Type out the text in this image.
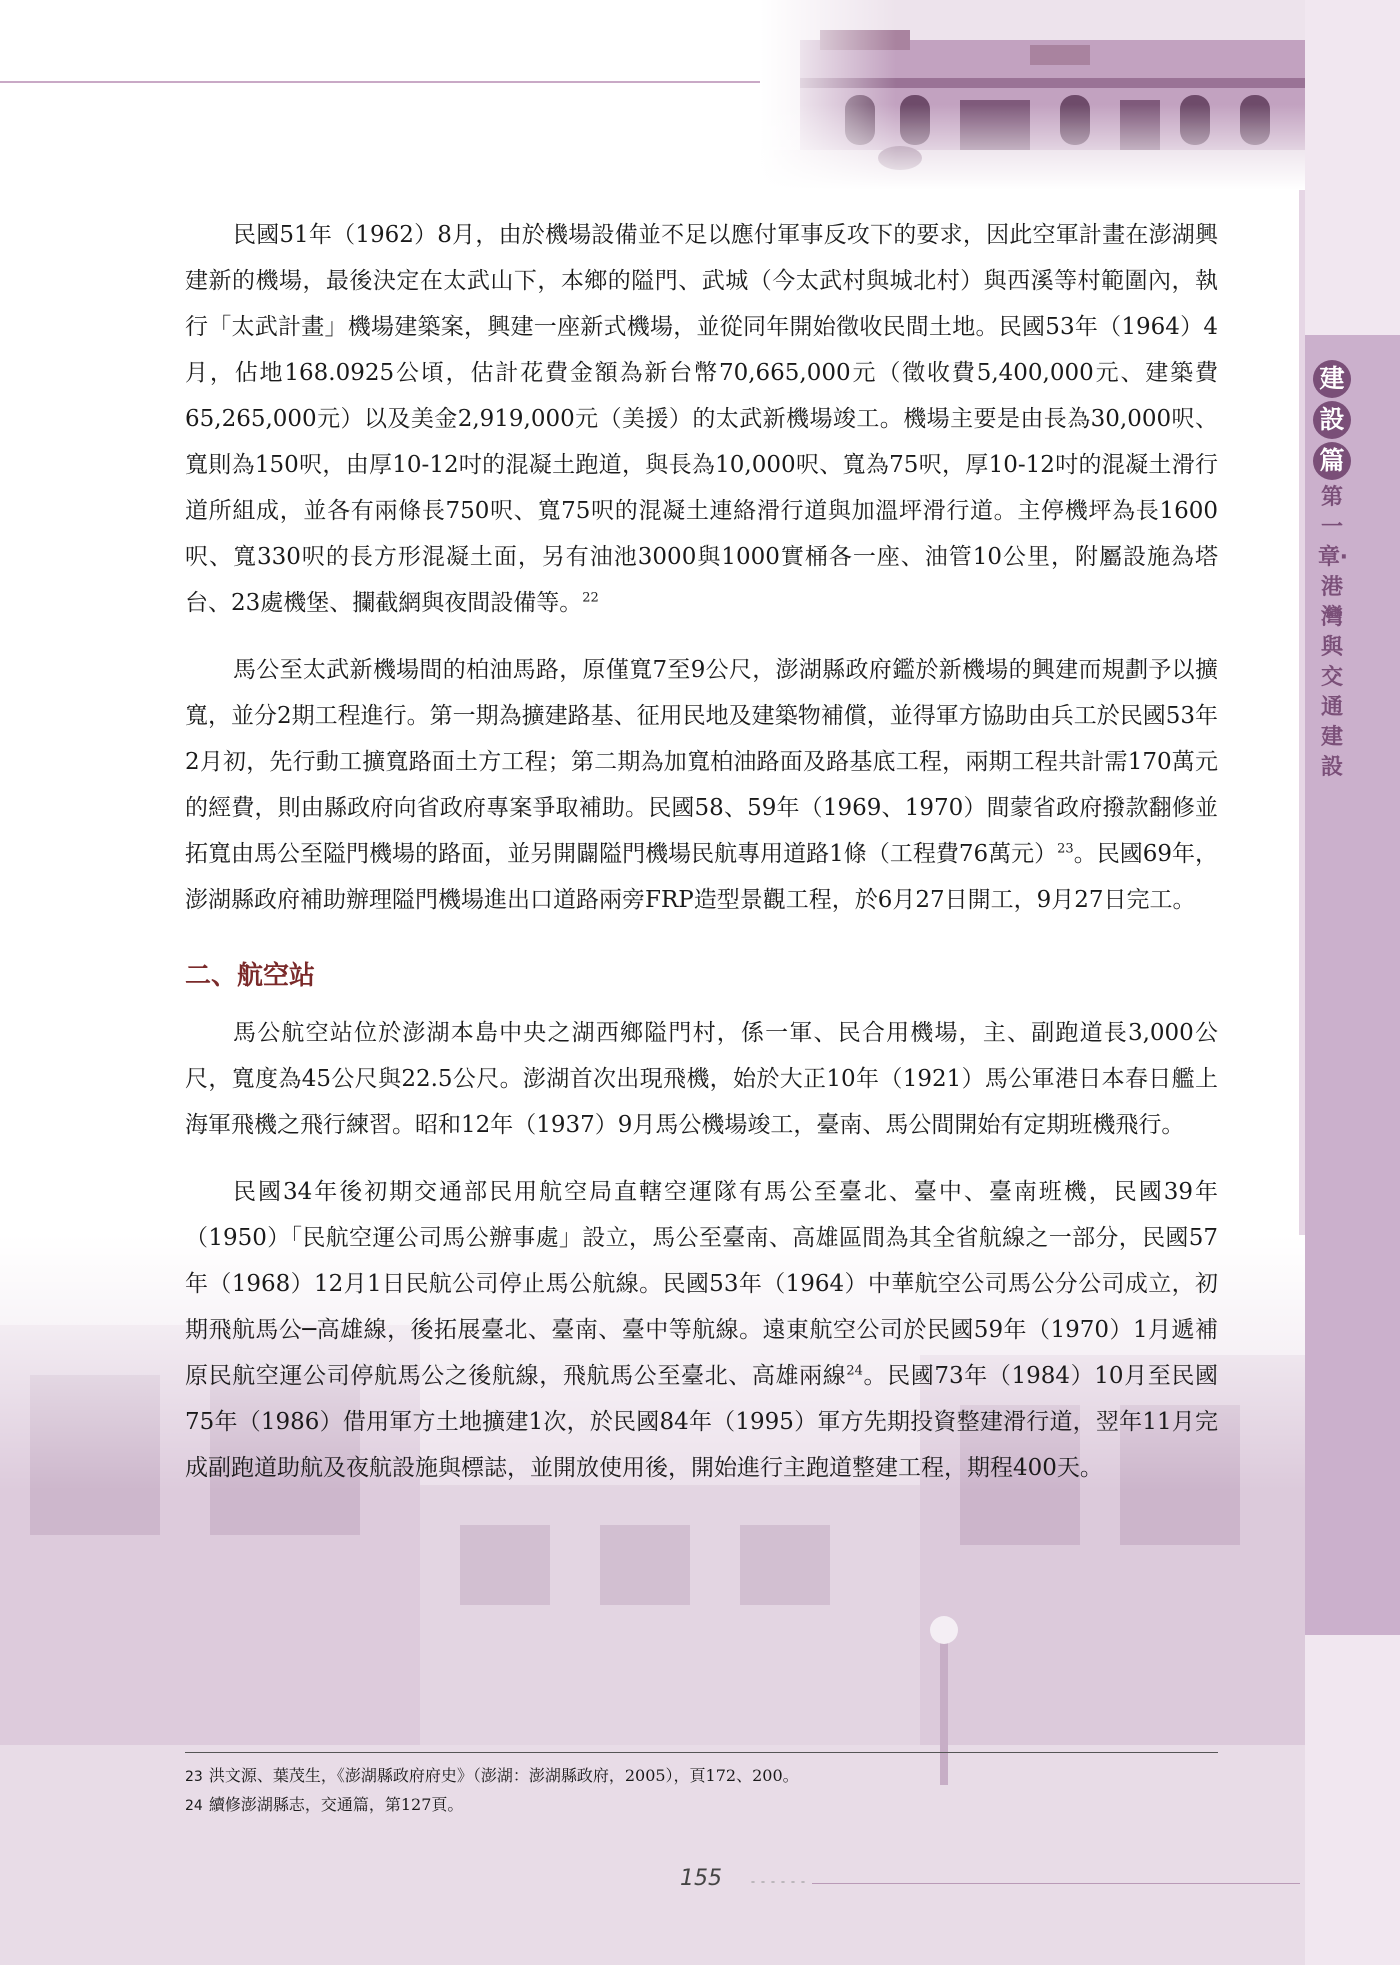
建
設
篇
第一章‧港灣與交通建設

民國51年（1962）8月，由於機場設備並不足以應付軍事反攻下的要求，因此空軍計畫在澎湖興建新的機場，最後決定在太武山下，本鄉的隘門、武城（今太武村與城北村）與西溪等村範圍內，執行「太武計畫」機場建築案，興建一座新式機場，並從同年開始徵收民間土地。民國53年（1964）4月，佔地168.0925公頃，估計花費金額為新台幣70,665,000元（徵收費5,400,000元、建築費65,265,000元）以及美金2,919,000元（美援）的太武新機場竣工。機場主要是由長為30,000呎、寬則為150呎，由厚10-12吋的混凝土跑道，與長為10,000呎、寬為75呎，厚10-12吋的混凝土滑行道所組成，並各有兩條長750呎、寬75呎的混凝土連絡滑行道與加溫坪滑行道。主停機坪為長1600呎、寬330呎的長方形混凝土面，另有油池3000與1000實桶各一座、油管10公里，附屬設施為塔台、23處機堡、攔截網與夜間設備等。$^{22}$

馬公至太武新機場間的柏油馬路，原僅寬7至9公尺，澎湖縣政府鑑於新機場的興建而規劃予以擴寬，並分2期工程進行。第一期為擴建路基、征用民地及建築物補償，並得軍方協助由兵工於民國53年2月初，先行動工擴寬路面土方工程；第二期為加寬柏油路面及路基底工程，兩期工程共計需170萬元的經費，則由縣政府向省政府專案爭取補助。民國58、59年（1969、1970）間蒙省政府撥款翻修並拓寬由馬公至隘門機場的路面，並另開闢隘門機場民航專用道路1條（工程費76萬元）$^{23}$。民國69年，澎湖縣政府補助辦理隘門機場進出口道路兩旁FRP造型景觀工程，於6月27日開工，9月27日完工。

二、航空站

馬公航空站位於澎湖本島中央之湖西鄉隘門村，係一軍、民合用機場，主、副跑道長3,000公尺，寬度為45公尺與22.5公尺。澎湖首次出現飛機，始於大正10年（1921）馬公軍港日本春日艦上海軍飛機之飛行練習。昭和12年（1937）9月馬公機場竣工，臺南、馬公間開始有定期班機飛行。

民國34年後初期交通部民用航空局直轄空運隊有馬公至臺北、臺中、臺南班機，民國39年（1950）「民航空運公司馬公辦事處」設立，馬公至臺南、高雄區間為其全省航線之一部分，民國57年（1968）12月1日民航公司停止馬公航線。民國53年（1964）中華航空公司馬公分公司成立，初期飛航馬公─高雄線，後拓展臺北、臺南、臺中等航線。遠東航空公司於民國59年（1970）1月遞補原民航空運公司停航馬公之後航線，飛航馬公至臺北、高雄兩線$^{24}$。民國73年（1984）10月至民國75年（1986）借用軍方土地擴建1次，於民國84年（1995）軍方先期投資整建滑行道，翌年11月完成副跑道助航及夜航設施與標誌，並開放使用後，開始進行主跑道整建工程，期程400天。

23 洪文源、葉茂生，《澎湖縣政府府史》（澎湖：澎湖縣政府，2005），頁172、200。
24 續修澎湖縣志，交通篇，第127頁。
155
